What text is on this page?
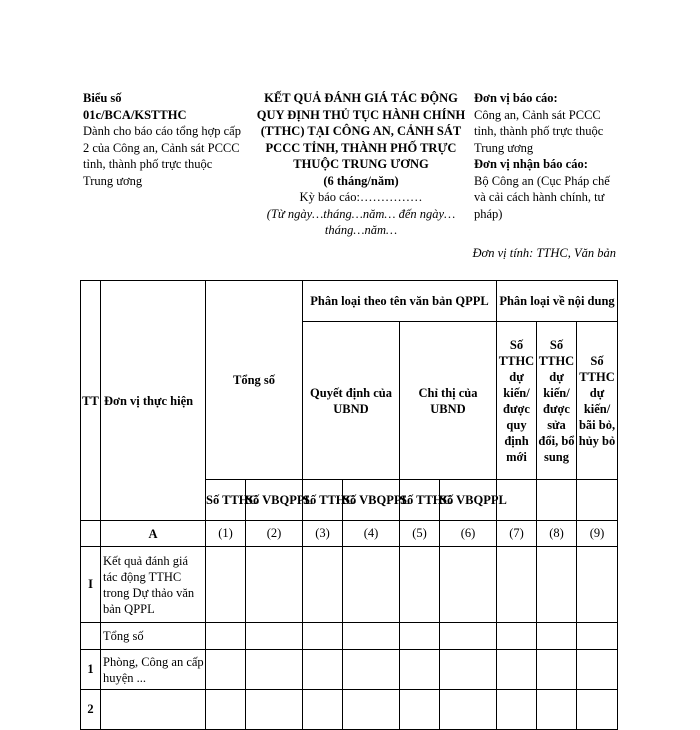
Biểu số
01c/BCA/KSTTHC
Dành cho báo cáo tổng hợp cấp 2 của Công an, Cảnh sát PCCC tỉnh, thành phố trực thuộc Trung ương
KẾT QUẢ ĐÁNH GIÁ TÁC ĐỘNG QUY ĐỊNH THỦ TỤC HÀNH CHÍNH (TTHC) TẠI CÔNG AN, CẢNH SÁT PCCC TỈNH, THÀNH PHỐ TRỰC THUỘC TRUNG ƯƠNG
(6 tháng/năm)
Kỳ báo cáo:……………
(Từ ngày…tháng…năm… đến ngày… tháng…năm…
Đơn vị báo cáo:
Công an, Cảnh sát PCCC tỉnh, thành phố trực thuộc Trung ương
Đơn vị nhận báo cáo:
Bộ Công an (Cục Pháp chế và cải cách hành chính, tư pháp)
Đơn vị tính: TTHC, Văn bản
TT	Đơn vị thực hiện	Tổng số		Phân loại theo tên văn bản QPPL				Phân loại về nội dung		
				Quyết định của UBND		Chỉ thị của UBND		Số TTHC dự kiến/ được quy định mới	Số TTHC dự kiến/ được sửa đổi, bổ sung	Số TTHC dự kiến/ bãi bỏ, hủy bỏ

		Số TTHC	Số VBQPPL	Số TTHC	Số VBQPPL	Số TTHC	Số VBQPPL			
	A	(1)	(2)	(3)	(4)	(5)	(6)	(7)	(8)	(9)
I	Kết quả đánh giá tác động TTHC trong Dự thảo văn bản QPPL									
	Tổng số									
1	Phòng, Công an cấp huyện ...									
2										
